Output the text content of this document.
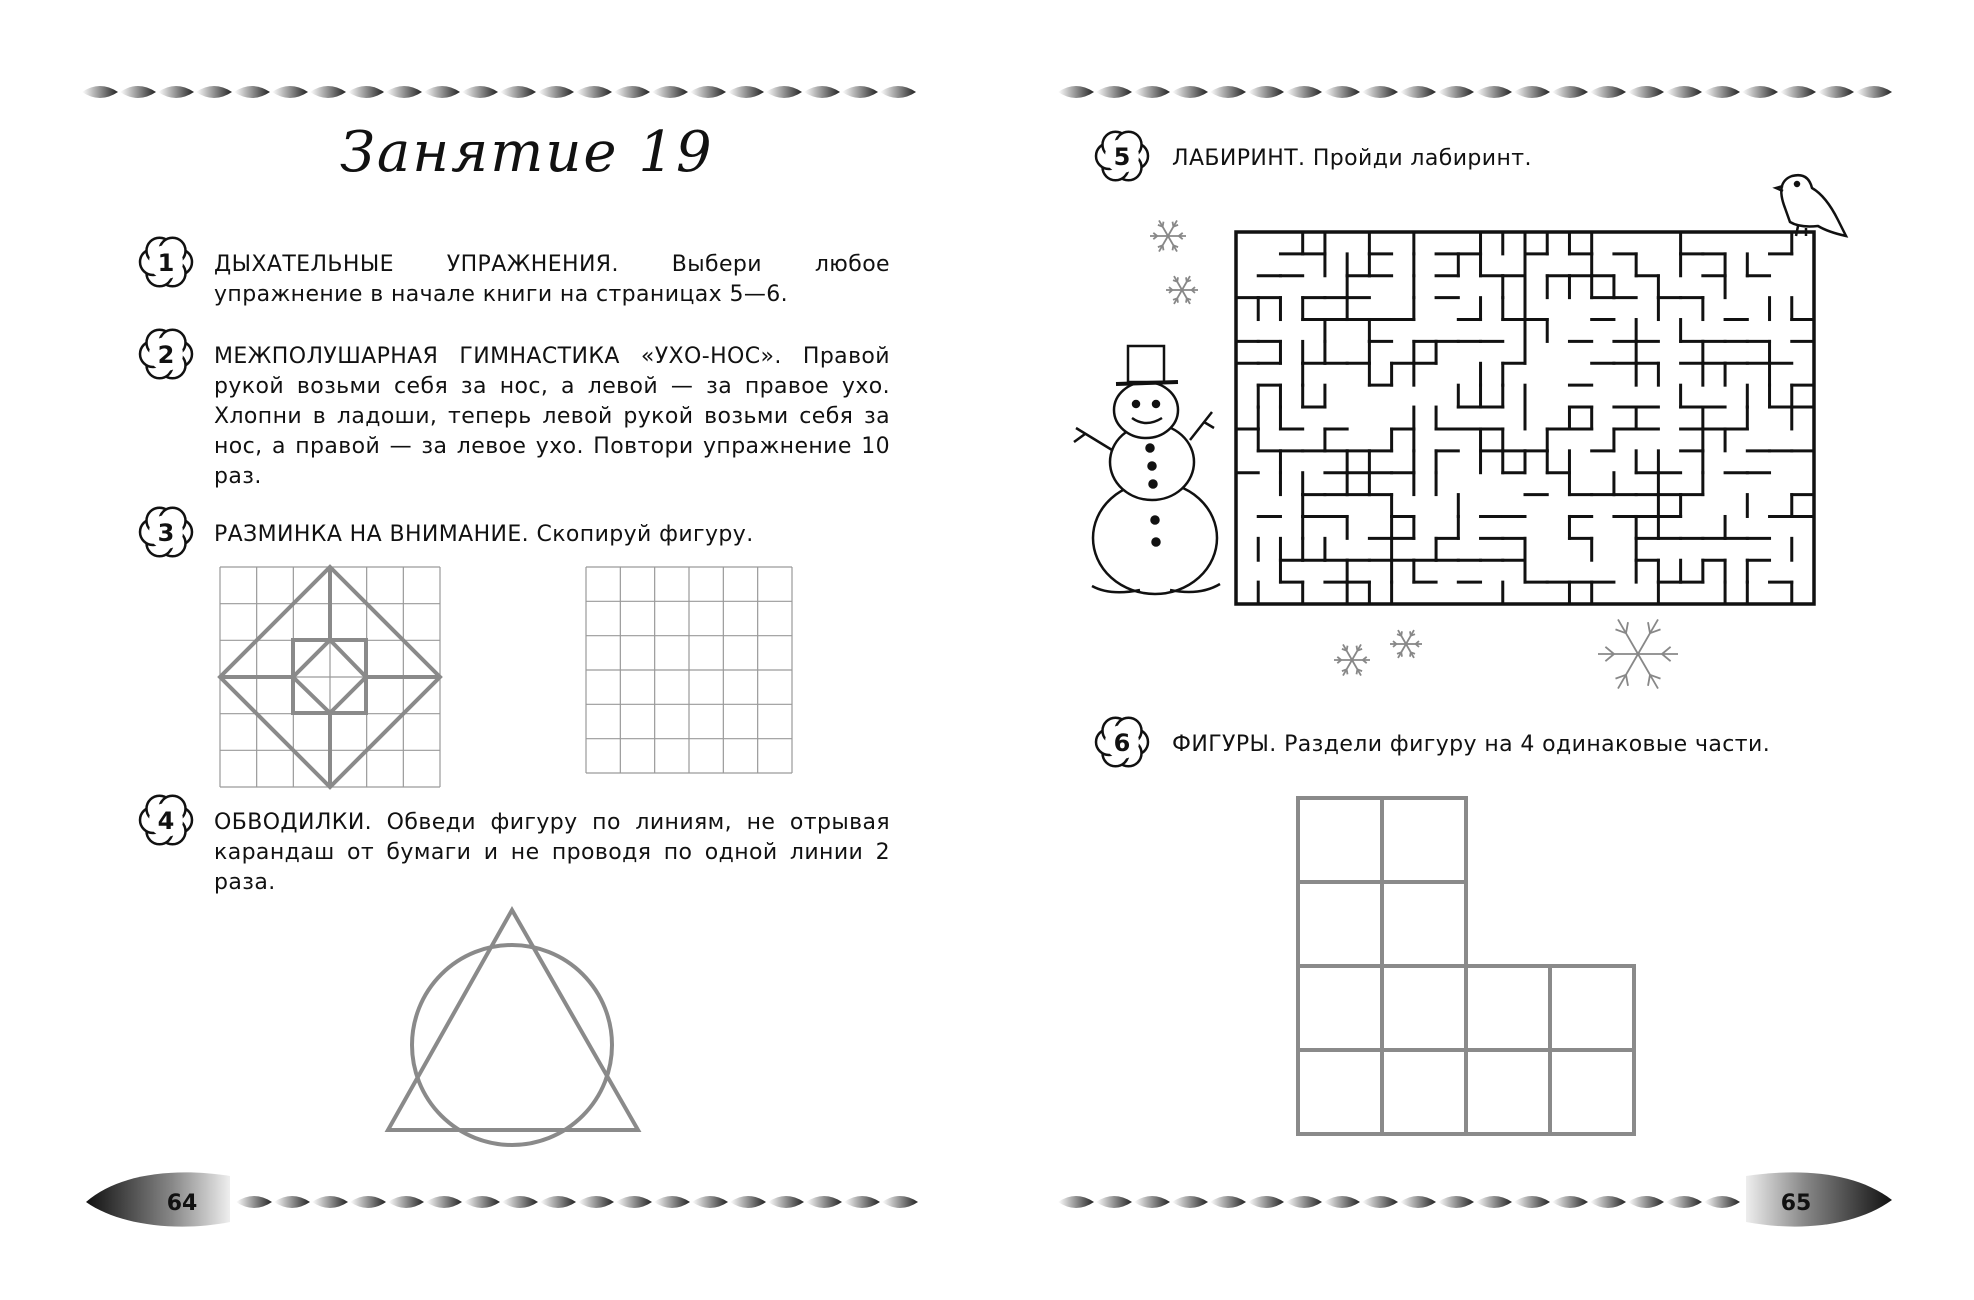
Занятие 19
ДЫХАТЕЛЬНЫЕ УПРАЖНЕНИЯ. Выбери любое упражнение в начале книги на страницах 5—6.
МЕЖПОЛУШАРНАЯ ГИМНАСТИКА «УХО-НОС». Правой рукой возьми себя за нос, а левой — за правое ухо. Хлопни в ладоши, теперь левой рукой возьми себя за нос, а правой — за левое ухо. Повтори упражнение 10 раз.
РАЗМИНКА НА ВНИМАНИЕ. Скопируй фигуру.
ОБВОДИЛКИ. Обведи фигуру по линиям, не отрывая карандаш от бумаги и не проводя по одной линии 2 раза.
ЛАБИРИНТ. Пройди лабиринт.
ФИГУРЫ. Раздели фигуру на 4 одинаковые части.
64	65
1
2
3
4
5
6
